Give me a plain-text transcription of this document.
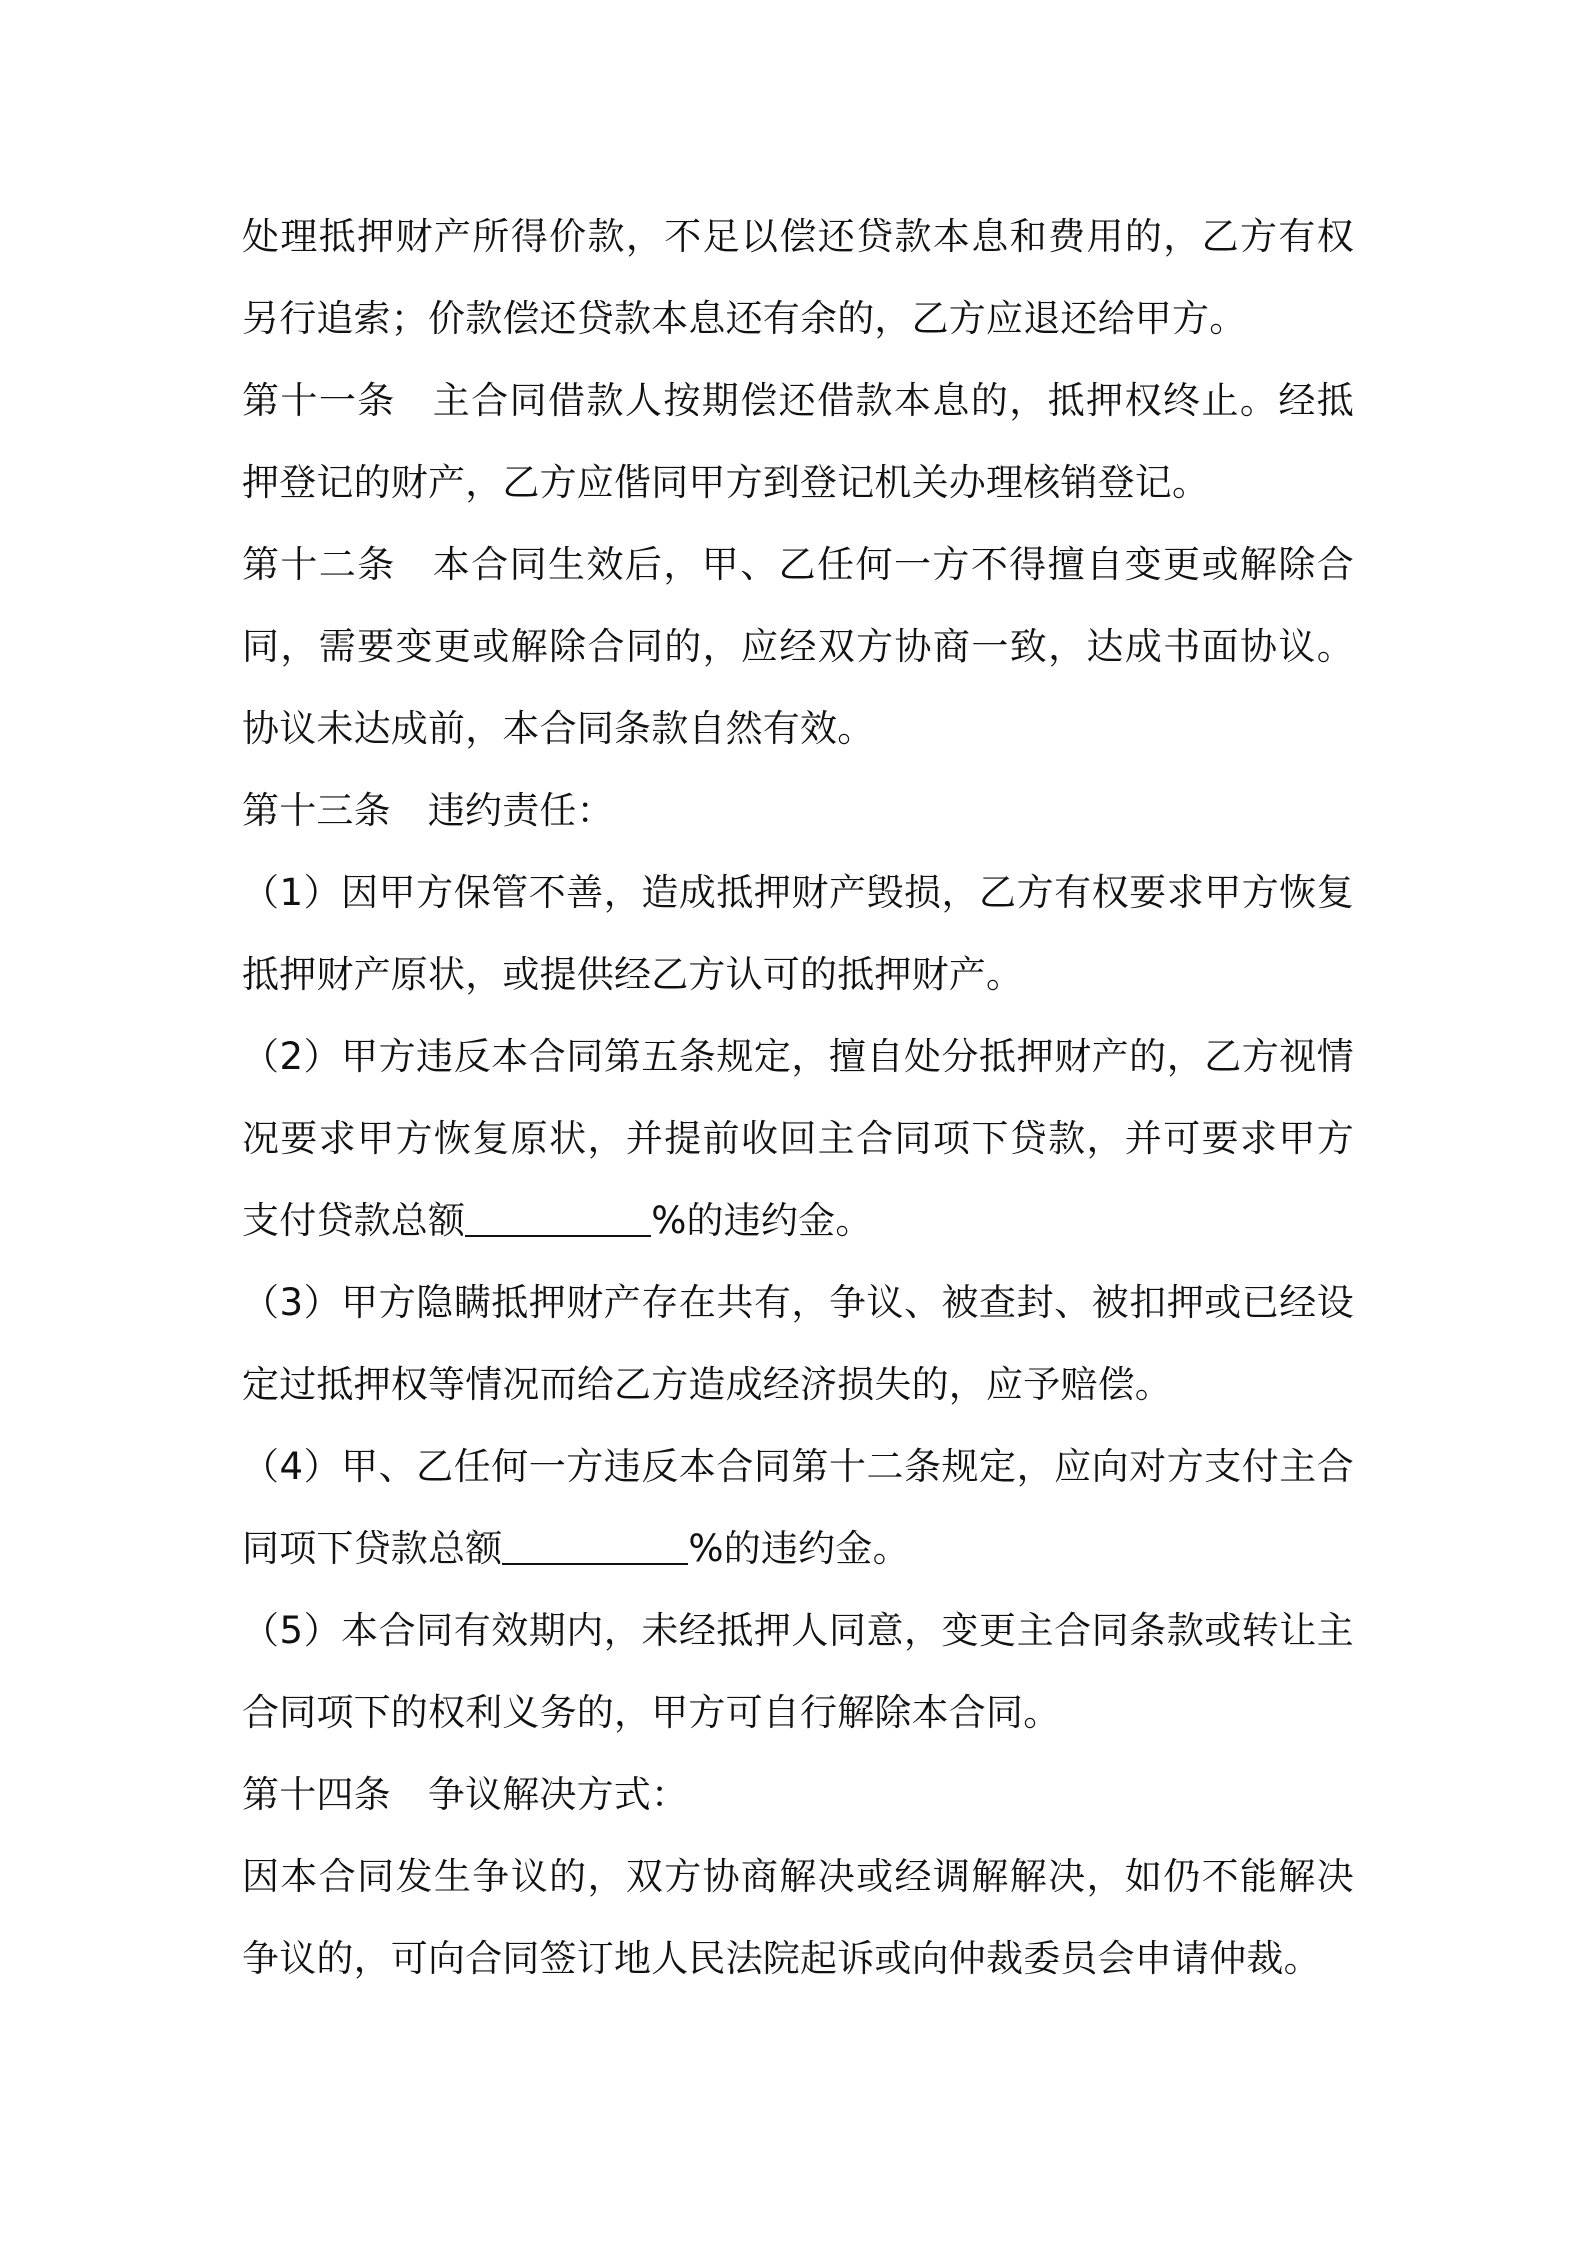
处理抵押财产所得价款，不足以偿还贷款本息和费用的，乙方有权另行追索；价款偿还贷款本息还有余的，乙方应退还给甲方。

第十一条 主合同借款人按期偿还借款本息的，抵押权终止。经抵押登记的财产，乙方应偕同甲方到登记机关办理核销登记。

第十二条 本合同生效后，甲、乙任何一方不得擅自变更或解除合同，需要变更或解除合同的，应经双方协商一致，达成书面协议。协议未达成前，本合同条款自然有效。

第十三条 违约责任：

（1）因甲方保管不善，造成抵押财产毁损，乙方有权要求甲方恢复抵押财产原状，或提供经乙方认可的抵押财产。

（2）甲方违反本合同第五条规定，擅自处分抵押财产的，乙方视情况要求甲方恢复原状，并提前收回主合同项下贷款，并可要求甲方支付贷款总额	%的违约金。

（3）甲方隐瞒抵押财产存在共有，争议、被查封、被扣押或已经设定过抵押权等情况而给乙方造成经济损失的，应予赔偿。

（4）甲、乙任何一方违反本合同第十二条规定，应向对方支付主合同项下贷款总额	%的违约金。

（5）本合同有效期内，未经抵押人同意，变更主合同条款或转让主合同项下的权利义务的，甲方可自行解除本合同。

第十四条 争议解决方式：

因本合同发生争议的，双方协商解决或经调解解决，如仍不能解决争议的，可向合同签订地人民法院起诉或向仲裁委员会申请仲裁。
